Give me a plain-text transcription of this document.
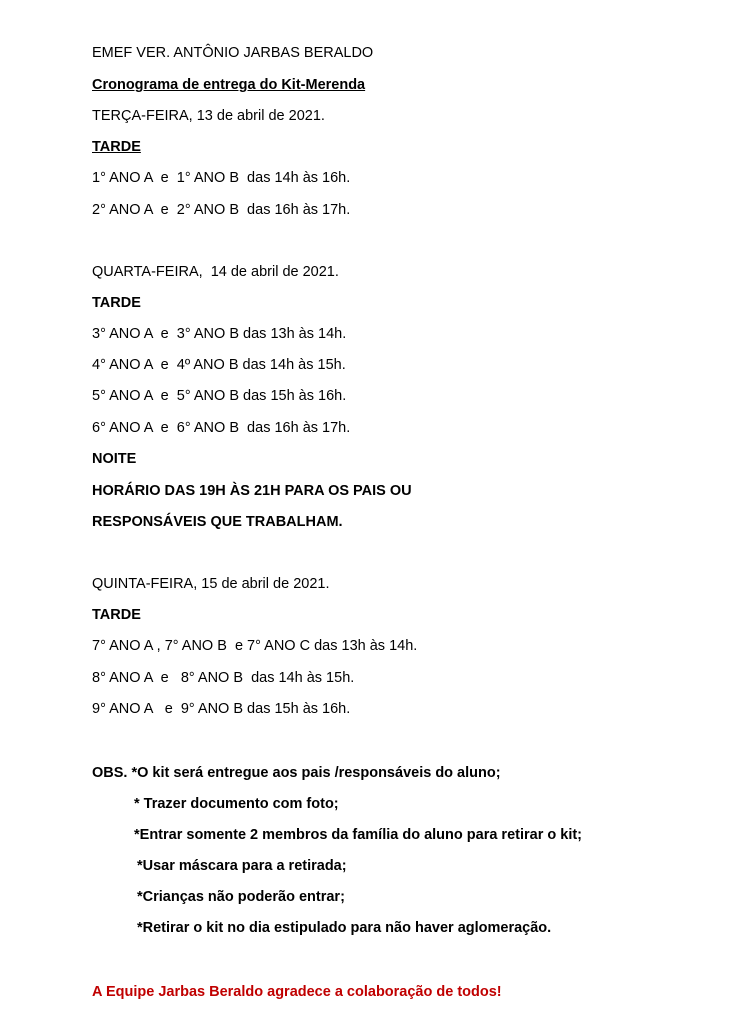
EMEF VER. ANTÔNIO JARBAS BERALDO
Cronograma de entrega do Kit-Merenda
TERÇA-FEIRA, 13 de abril de 2021.
TARDE
1° ANO A  e  1° ANO B  das 14h às 16h.
2° ANO A  e  2° ANO B  das 16h às 17h.
QUARTA-FEIRA,  14 de abril de 2021.
TARDE
3° ANO A  e  3° ANO B das 13h às 14h.
4° ANO A  e  4º ANO B das 14h às 15h.
5° ANO A  e  5° ANO B das 15h às 16h.
6° ANO A  e  6° ANO B  das 16h às 17h.
NOITE
HORÁRIO DAS 19H ÀS 21H PARA OS PAIS OU
RESPONSÁVEIS QUE TRABALHAM.
QUINTA-FEIRA, 15 de abril de 2021.
TARDE
7° ANO A , 7° ANO B  e 7° ANO C das 13h às 14h.
8° ANO A  e   8° ANO B  das 14h às 15h.
9° ANO A   e  9° ANO B das 15h às 16h.
OBS. *O kit será entregue aos pais /responsáveis do aluno;
* Trazer documento com foto;
*Entrar somente 2 membros da família do aluno para retirar o kit;
*Usar máscara para a retirada;
*Crianças não poderão entrar;
*Retirar o kit no dia estipulado para não haver aglomeração.
A Equipe Jarbas Beraldo agradece a colaboração de todos!
